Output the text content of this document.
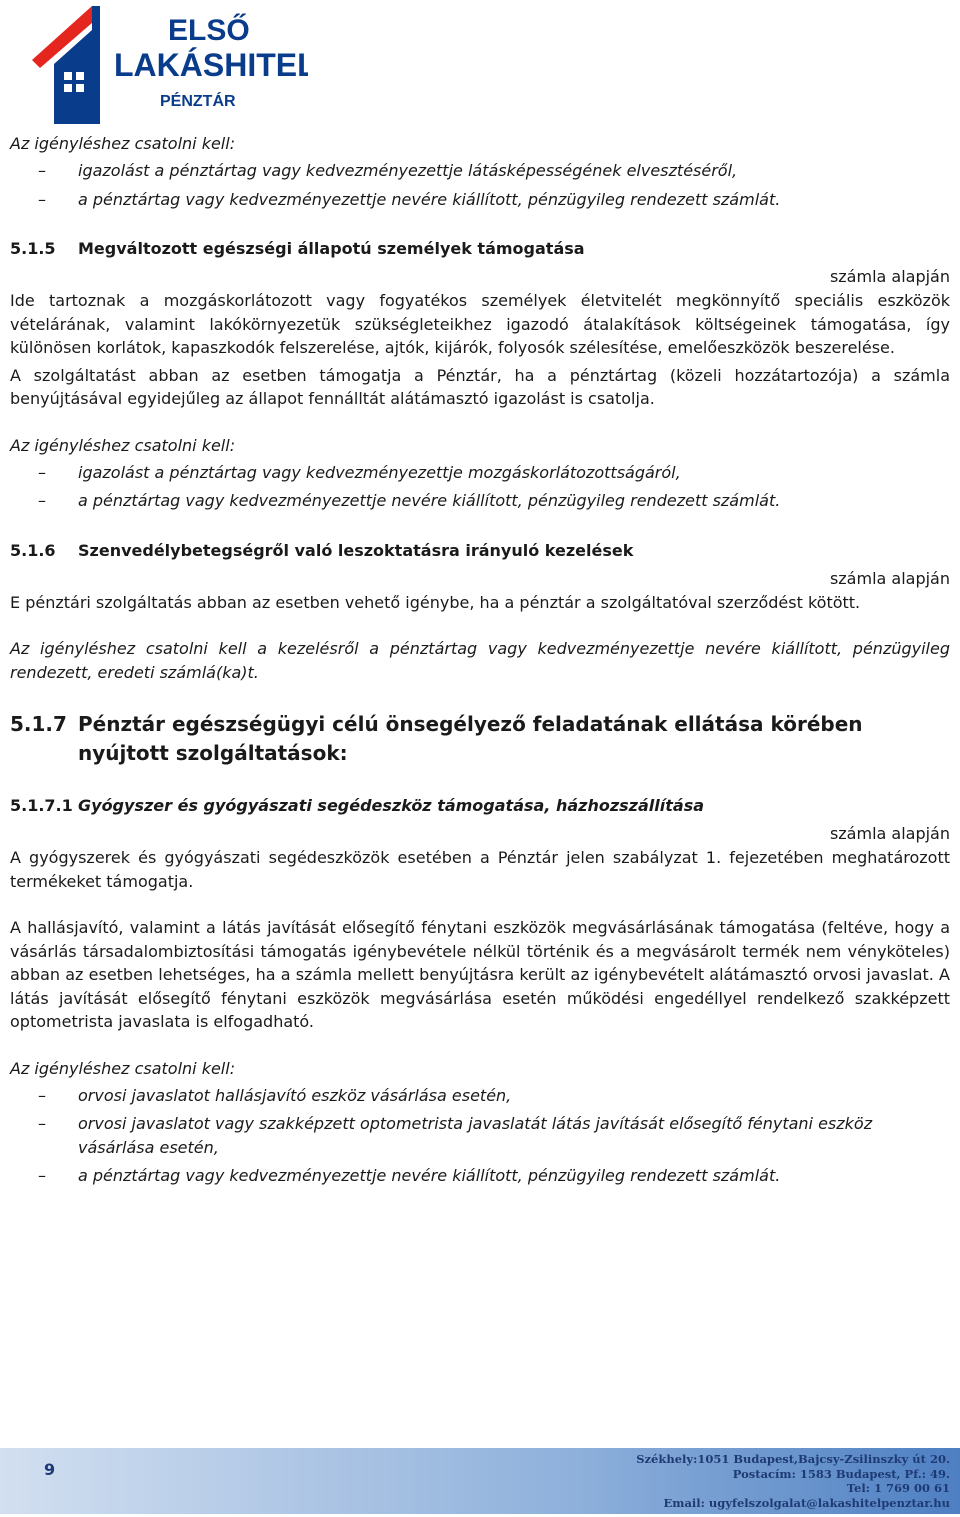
ELSŐ
LAKÁSHITEL
PÉNZTÁR

Az igényléshez csatolni kell:

– igazolást a pénztártag vagy kedvezményezettje látásképességének elvesztéséről,
– a pénztártag vagy kedvezményezettje nevére kiállított, pénzügyileg rendezett számlát.
5.1.5	Megváltozott egészségi állapotú személyek támogatása

számla alapján

Ide tartoznak a mozgáskorlátozott vagy fogyatékos személyek életvitelét megkönnyítő speciális eszközök vételárának, valamint lakókörnyezetük szükségleteikhez igazodó átalakítások költségeinek támogatása, így különösen korlátok, kapaszkodók felszerelése, ajtók, kijárók, folyosók szélesítése, emelőeszközök beszerelése.

A szolgáltatást abban az esetben támogatja a Pénztár, ha a pénztártag (közeli hozzátartozója) a számla benyújtásával egyidejűleg az állapot fennálltát alátámasztó igazolást is csatolja.

Az igényléshez csatolni kell:

– igazolást a pénztártag vagy kedvezményezettje mozgáskorlátozottságáról,
– a pénztártag vagy kedvezményezettje nevére kiállított, pénzügyileg rendezett számlát.
5.1.6	Szenvedélybetegségről való leszoktatásra irányuló kezelések

számla alapján

E pénztári szolgáltatás abban az esetben vehető igénybe, ha a pénztár a szolgáltatóval szerződést kötött.

Az igényléshez csatolni kell a kezelésről a pénztártag vagy kedvezményezettje nevére kiállított, pénzügyileg rendezett, eredeti számlá(ka)t.

5.1.7 Pénztár egészségügyi célú önsegélyező feladatának ellátása körében nyújtott szolgáltatások:
5.1.7.1 Gyógyszer és gyógyászati segédeszköz támogatása, házhozszállítása

számla alapján

A gyógyszerek és gyógyászati segédeszközök esetében a Pénztár jelen szabályzat 1. fejezetében meghatározott termékeket támogatja.

A hallásjavító, valamint a látás javítását elősegítő fénytani eszközök megvásárlásának támogatása (feltéve, hogy a vásárlás társadalombiztosítási támogatás igénybevétele nélkül történik és a megvásárolt termék nem vényköteles) abban az esetben lehetséges, ha a számla mellett benyújtásra került az igénybevételt alátámasztó orvosi javaslat. A látás javítását elősegítő fénytani eszközök megvásárlása esetén működési engedéllyel rendelkező szakképzett optometrista javaslata is elfogadható.

Az igényléshez csatolni kell:

– orvosi javaslatot hallásjavító eszköz vásárlása esetén,
– orvosi javaslatot vagy szakképzett optometrista javaslatát látás javítását elősegítő fénytani eszköz vásárlása esetén,
– a pénztártag vagy kedvezményezettje nevére kiállított, pénzügyileg rendezett számlát.
9
Székhely:1051 Budapest,Bajcsy-Zsilinszky út 20.
Postacím: 1583 Budapest, Pf.: 49.
Tel: 1 769 00 61
Email: ugyfelszolgalat@lakashitelpenztar.hu
